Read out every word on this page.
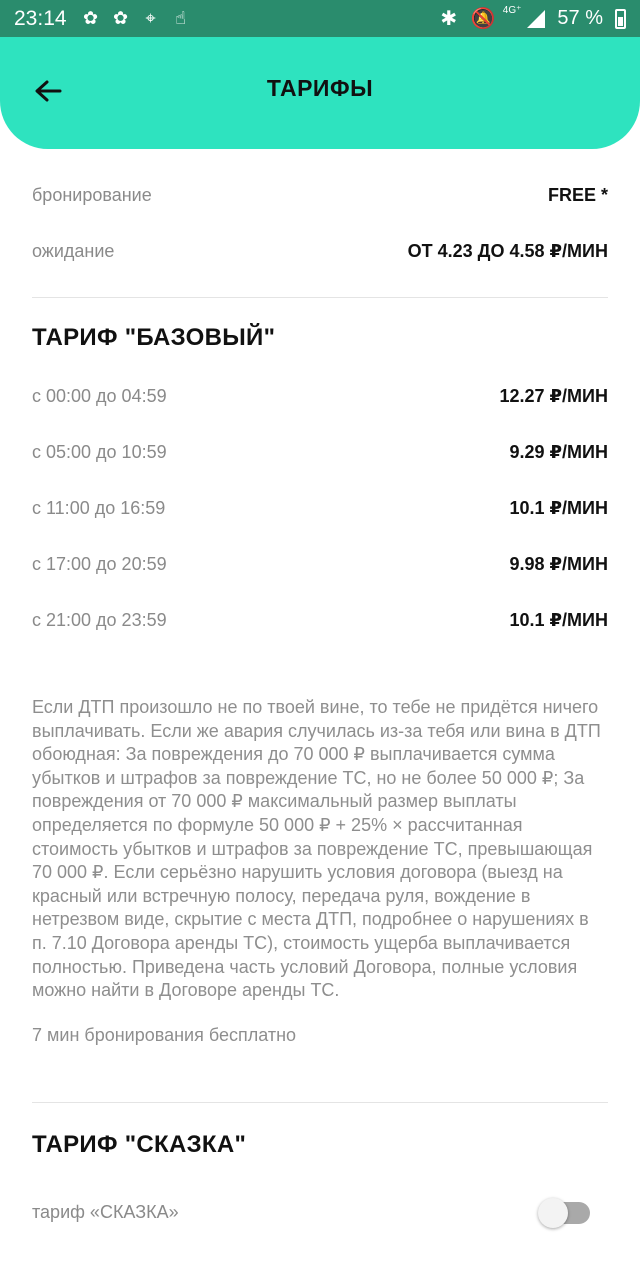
23:14 ✿ ✿ ⌖ ☝	✱ 🔕 4G⁺ 57 %
ТАРИФЫ
бронирование	FREE *
ожидание	ОТ 4.23 ДО 4.58 ₽/МИН
ТАРИФ "БАЗОВЫЙ"
с 00:00 до 04:59	12.27 ₽/МИН
с 05:00 до 10:59	9.29 ₽/МИН
с 11:00 до 16:59	10.1 ₽/МИН
с 17:00 до 20:59	9.98 ₽/МИН
с 21:00 до 23:59	10.1 ₽/МИН

Если ДТП произошло не по твоей вине, то тебе не придётся ничего выплачивать. Если же авария случилась из-за тебя или вина в ДТП обоюдная: За повреждения до 70 000 ₽ выплачивается сумма убытков и штрафов за повреждение ТС, но не более 50 000 ₽; За повреждения от 70 000 ₽ максимальный размер выплаты определяется по формуле 50 000 ₽ + 25% × рассчитанная стоимость убытков и штрафов за повреждение ТС, превышающая 70 000 ₽. Если серьёзно нарушить условия договора (выезд на красный или встречную полосу, передача руля, вождение в нетрезвом виде, скрытие с места ДТП, подробнее о нарушениях в п. 7.10 Договора аренды ТС), стоимость ущерба выплачивается полностью. Приведена часть условий Договора, полные условия можно найти в Договоре аренды ТС.

7 мин бронирования бесплатно

ТАРИФ "СКАЗКА"
тариф «СКАЗКА»
